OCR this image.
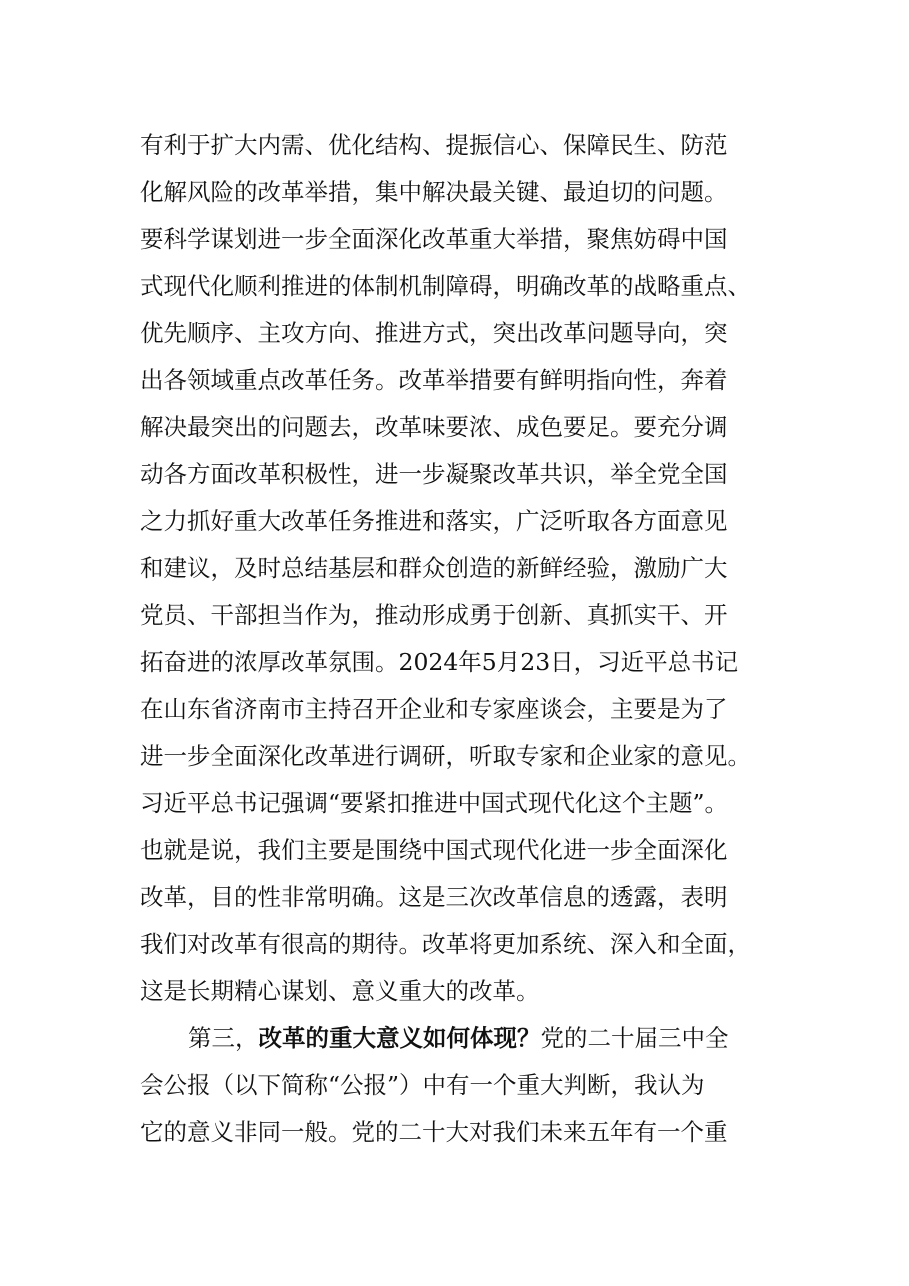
有利于扩大内需、优化结构、提振信心、保障民生、防范
化解风险的改革举措，集中解决最关键、最迫切的问题。
要科学谋划进一步全面深化改革重大举措，聚焦妨碍中国
式现代化顺利推进的体制机制障碍，明确改革的战略重点、
优先顺序、主攻方向、推进方式，突出改革问题导向，突
出各领域重点改革任务。改革举措要有鲜明指向性，奔着
解决最突出的问题去，改革味要浓、成色要足。要充分调
动各方面改革积极性，进一步凝聚改革共识，举全党全国
之力抓好重大改革任务推进和落实，广泛听取各方面意见
和建议，及时总结基层和群众创造的新鲜经验，激励广大
党员、干部担当作为，推动形成勇于创新、真抓实干、开
拓奋进的浓厚改革氛围。2024年5月23日，习近平总书记
在山东省济南市主持召开企业和专家座谈会，主要是为了
进一步全面深化改革进行调研，听取专家和企业家的意见。
习近平总书记强调“要紧扣推进中国式现代化这个主题”。
也就是说，我们主要是围绕中国式现代化进一步全面深化
改革，目的性非常明确。这是三次改革信息的透露，表明
我们对改革有很高的期待。改革将更加系统、深入和全面，
这是长期精心谋划、意义重大的改革。
第三，改革的重大意义如何体现？党的二十届三中全
会公报（以下简称“公报”）中有一个重大判断，我认为
它的意义非同一般。党的二十大对我们未来五年有一个重
